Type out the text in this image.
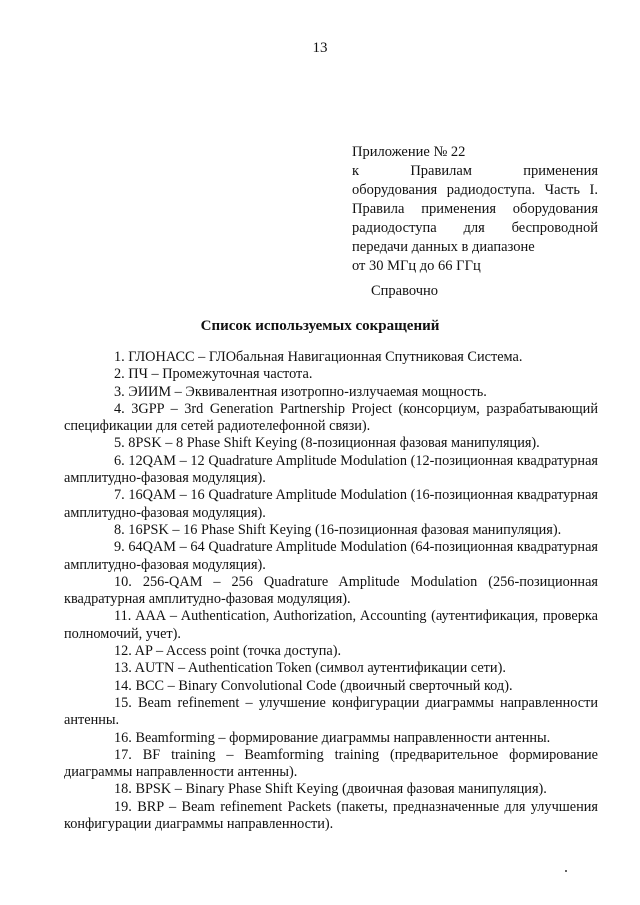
13
Приложение № 22
к Правилам применения
оборудования радиодоступа. Часть I.
Правила применения оборудования
радиодоступа для беспроводной
передачи данных в диапазоне
от 30 МГц до 66 ГГц
Справочно
Список используемых сокращений
1. ГЛОНАСС – ГЛОбальная Навигационная Спутниковая Система.
2. ПЧ – Промежуточная частота.
3. ЭИИМ – Эквивалентная изотропно-излучаемая мощность.
4. 3GPP – 3rd Generation Partnership Project (консорциум, разрабатывающий спецификации для сетей радиотелефонной связи).
5. 8PSK – 8 Phase Shift Keying (8-позиционная фазовая манипуляция).
6. 12QAM – 12 Quadrature Amplitude Modulation (12-позиционная квадратурная амплитудно-фазовая модуляция).
7. 16QAM – 16 Quadrature Amplitude Modulation (16-позиционная квадратурная амплитудно-фазовая модуляция).
8. 16PSK – 16 Phase Shift Keying (16-позиционная фазовая манипуляция).
9. 64QAM – 64 Quadrature Amplitude Modulation (64-позиционная квадратурная амплитудно-фазовая модуляция).
10. 256-QAM – 256 Quadrature Amplitude Modulation (256-позиционная квадратурная амплитудно-фазовая модуляция).
11. AAA – Authentication, Authorization, Accounting (аутентификация, проверка полномочий, учет).
12. AP – Access point (точка доступа).
13. AUTN – Authentication Token (символ аутентификации сети).
14. BCC – Binary Convolutional Code (двоичный сверточный код).
15. Beam refinement – улучшение конфигурации диаграммы направленности антенны.
16. Beamforming – формирование диаграммы направленности антенны.
17. BF training – Beamforming training (предварительное формирование диаграммы направленности антенны).
18. BPSK – Binary Phase Shift Keying (двоичная фазовая манипуляция).
19. BRP – Beam refinement Packets (пакеты, предназначенные для улучшения конфигурации диаграммы направленности).
